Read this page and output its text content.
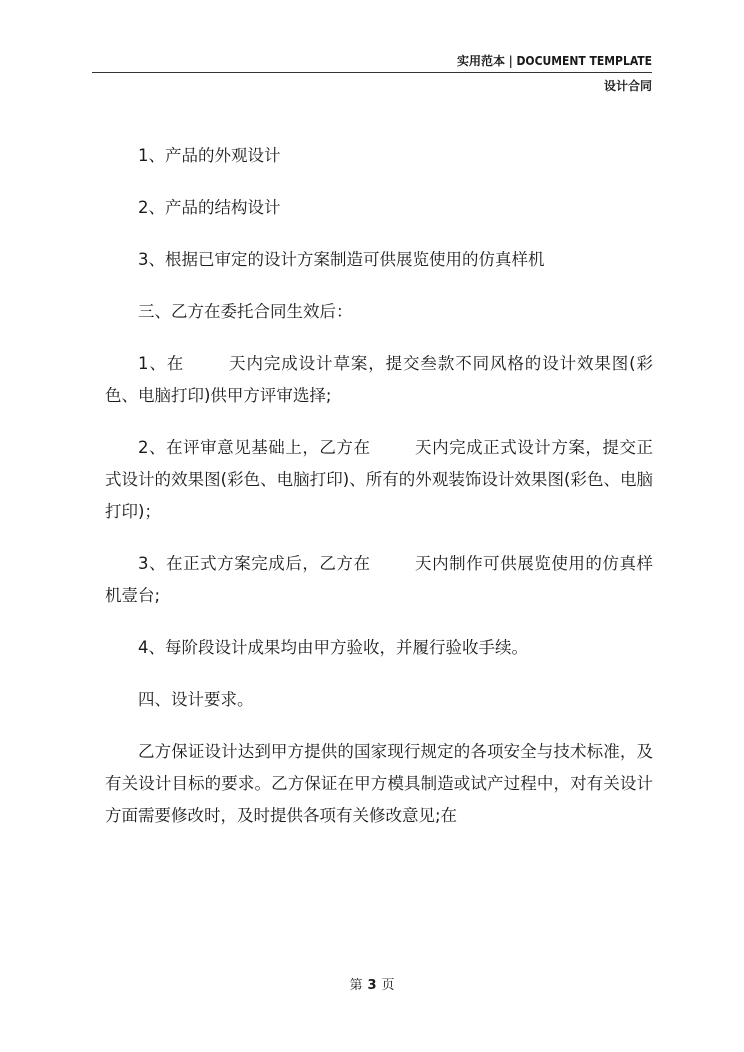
实用范本 | DOCUMENT TEMPLATE
设计合同

1、产品的外观设计

2、产品的结构设计

3、根据已审定的设计方案制造可供展览使用的仿真样机

三、乙方在委托合同生效后：

1、在	天内完成设计草案，提交叁款不同风格的设计效果图(彩色、电脑打印)供甲方评审选择;

2、在评审意见基础上，乙方在	天内完成正式设计方案，提交正式设计的效果图(彩色、电脑打印)、所有的外观装饰设计效果图(彩色、电脑打印)；

3、在正式方案完成后，乙方在	天内制作可供展览使用的仿真样机壹台;

4、每阶段设计成果均由甲方验收，并履行验收手续。

四、设计要求。

乙方保证设计达到甲方提供的国家现行规定的各项安全与技术标准，及有关设计目标的要求。乙方保证在甲方模具制造或试产过程中，对有关设计方面需要修改时，及时提供各项有关修改意见;在

第 3 页
